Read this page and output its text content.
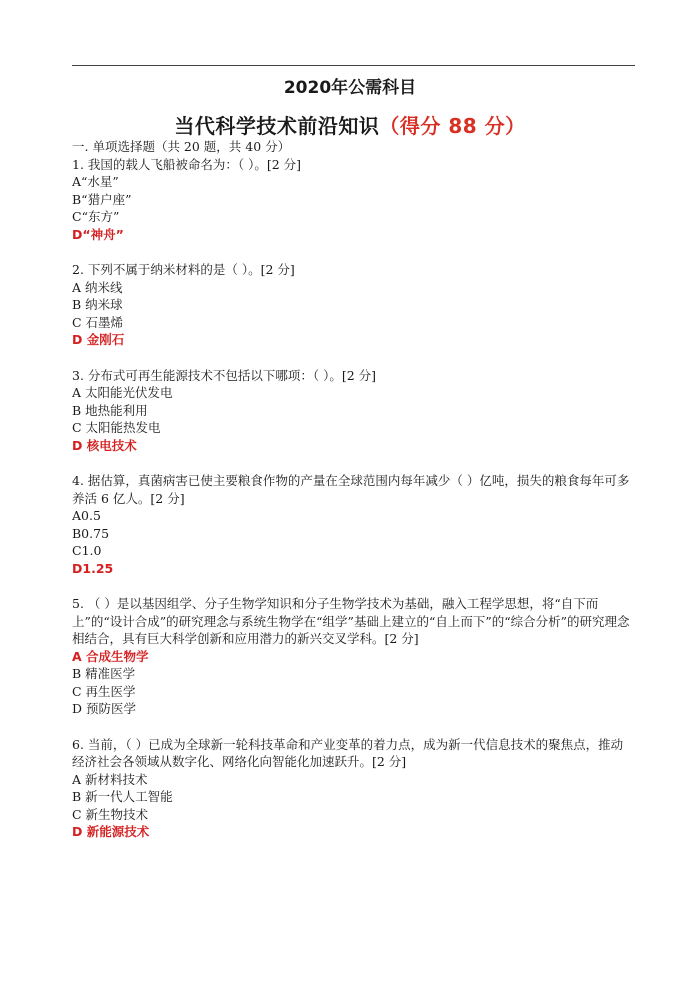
2020年公需科目
当代科学技术前沿知识（得分 88 分）

一. 单项选择题（共 20 题，共 40 分）

1. 我国的载人飞船被命名为：（ ）。[2 分]

A“水星”

B“猎户座”

C“东方”

D“神舟”

2. 下列不属于纳米材料的是（ ）。[2 分]

A 纳米线

B 纳米球

C 石墨烯

D 金刚石

3. 分布式可再生能源技术不包括以下哪项：（ ）。[2 分]

A 太阳能光伏发电

B 地热能利用

C 太阳能热发电

D 核电技术

4. 据估算，真菌病害已使主要粮食作物的产量在全球范围内每年减少（ ）亿吨，损失的粮食每年可多养活 6 亿人。[2 分]

A0.5

B0.75

C1.0

D1.25

5. （ ）是以基因组学、分子生物学知识和分子生物学技术为基础，融入工程学思想，将“自下而上”的“设计合成”的研究理念与系统生物学在“组学”基础上建立的“自上而下”的“综合分析”的研究理念相结合，具有巨大科学创新和应用潜力的新兴交叉学科。[2 分]

A 合成生物学

B 精准医学

C 再生医学

D 预防医学

6. 当前，（ ）已成为全球新一轮科技革命和产业变革的着力点，成为新一代信息技术的聚焦点，推动经济社会各领域从数字化、网络化向智能化加速跃升。[2 分]

A 新材料技术

B 新一代人工智能

C 新生物技术

D 新能源技术
